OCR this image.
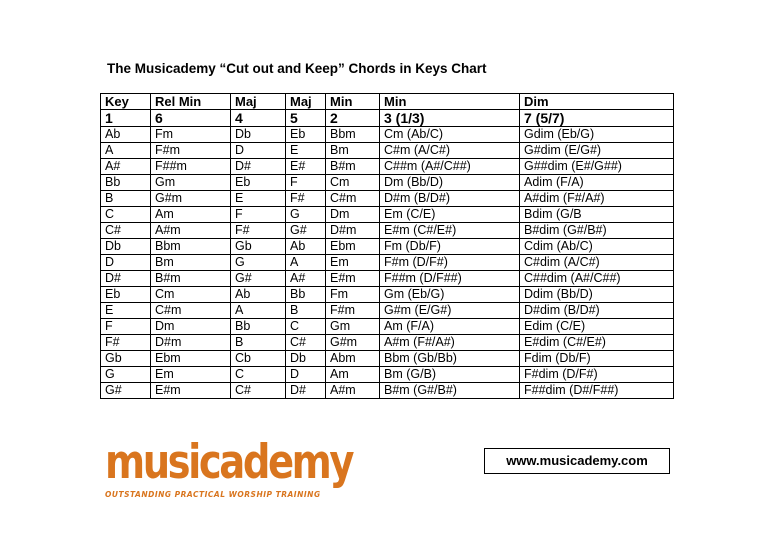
The Musicademy “Cut out and Keep” Chords in Keys Chart
Key	Rel Min	Maj	Maj	Min	Min	Dim
1	6	4	5	2	3 (1/3)	7 (5/7)
Ab	Fm	Db	Eb	Bbm	Cm (Ab/C)	Gdim (Eb/G)
A	F#m	D	E	Bm	C#m (A/C#)	G#dim (E/G#)
A#	F##m	D#	E#	B#m	C##m (A#/C##)	G##dim (E#/G##)
Bb	Gm	Eb	F	Cm	Dm (Bb/D)	Adim (F/A)
B	G#m	E	F#	C#m	D#m (B/D#)	A#dim (F#/A#)
C	Am	F	G	Dm	Em (C/E)	Bdim (G/B
C#	A#m	F#	G#	D#m	E#m (C#/E#)	B#dim (G#/B#)
Db	Bbm	Gb	Ab	Ebm	Fm (Db/F)	Cdim (Ab/C)
D	Bm	G	A	Em	F#m (D/F#)	C#dim (A/C#)
D#	B#m	G#	A#	E#m	F##m (D/F##)	C##dim (A#/C##)
Eb	Cm	Ab	Bb	Fm	Gm (Eb/G)	Ddim (Bb/D)
E	C#m	A	B	F#m	G#m (E/G#)	D#dim (B/D#)
F	Dm	Bb	C	Gm	Am (F/A)	Edim (C/E)
F#	D#m	B	C#	G#m	A#m (F#/A#)	E#dim (C#/E#)
Gb	Ebm	Cb	Db	Abm	Bbm (Gb/Bb)	Fdim (Db/F)
G	Em	C	D	Am	Bm (G/B)	F#dim (D/F#)
G#	E#m	C#	D#	A#m	B#m (G#/B#)	F##dim (D#/F##)
musicademy
OUTSTANDING PRACTICAL WORSHIP TRAINING
www.musicademy.com
